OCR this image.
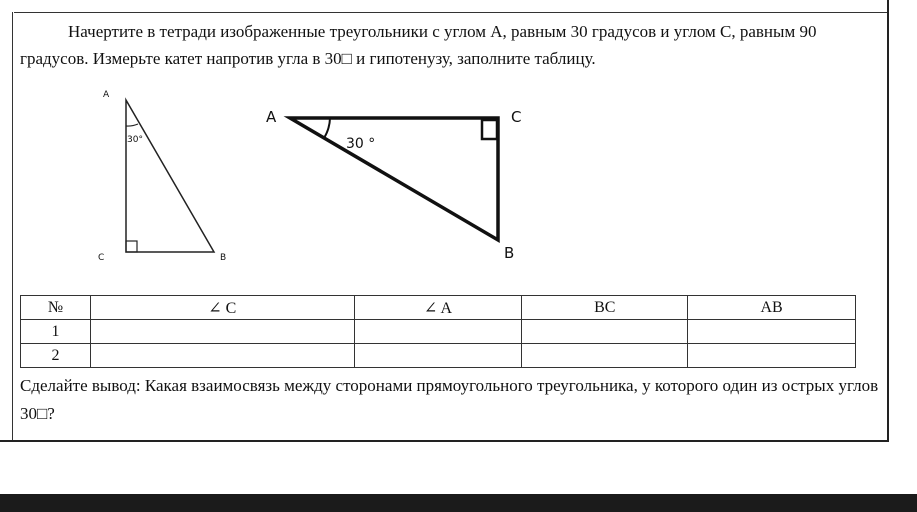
Начертите в тетради изображенные треугольники с углом А, равным 30 градусов и углом С, равным 90 градусов. Измерьте катет напротив угла в 30□ и гипотенузу, заполните таблицу.

A
30°
C	B
A	C
30 °
B
№	∠ C	∠ A	BC	AB
1				
2				

Сделайте вывод: Какая взаимосвязь между сторонами прямоугольного треугольника, у которого один из острых углов 30□?
